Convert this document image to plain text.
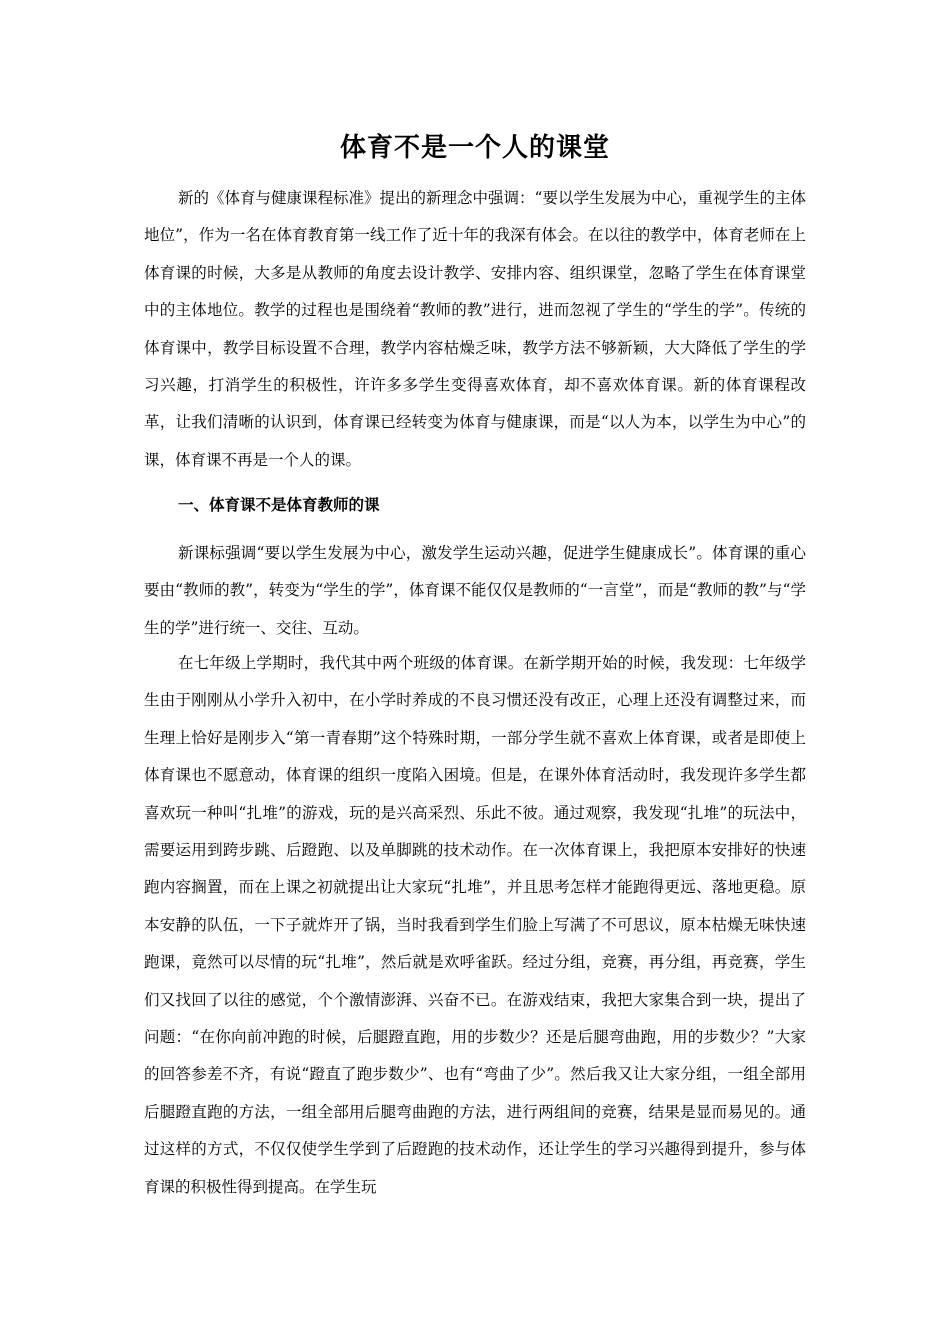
体育不是一个人的课堂

新的《体育与健康课程标准》提出的新理念中强调：“要以学生发展为中心，重视学生的主体地位”，作为一名在体育教育第一线工作了近十年的我深有体会。在以往的教学中，体育老师在上体育课的时候，大多是从教师的角度去设计教学、安排内容、组织课堂，忽略了学生在体育课堂中的主体地位。教学的过程也是围绕着“教师的教”进行，进而忽视了学生的“学生的学”。传统的体育课中，教学目标设置不合理，教学内容枯燥乏味，教学方法不够新颖，大大降低了学生的学习兴趣，打消学生的积极性，许许多多学生变得喜欢体育，却不喜欢体育课。新的体育课程改革，让我们清晰的认识到，体育课已经转变为体育与健康课，而是“以人为本，以学生为中心”的课，体育课不再是一个人的课。

一、体育课不是体育教师的课

新课标强调“要以学生发展为中心，激发学生运动兴趣，促进学生健康成长”。体育课的重心要由“教师的教”，转变为“学生的学”，体育课不能仅仅是教师的“一言堂”，而是“教师的教”与“学生的学”进行统一、交往、互动。

在七年级上学期时，我代其中两个班级的体育课。在新学期开始的时候，我发现：七年级学生由于刚刚从小学升入初中，在小学时养成的不良习惯还没有改正，心理上还没有调整过来，而生理上恰好是刚步入“第一青春期”这个特殊时期，一部分学生就不喜欢上体育课，或者是即使上体育课也不愿意动，体育课的组织一度陷入困境。但是，在课外体育活动时，我发现许多学生都喜欢玩一种叫“扎堆”的游戏，玩的是兴高采烈、乐此不彼。通过观察，我发现“扎堆”的玩法中，需要运用到跨步跳、后蹬跑、以及单脚跳的技术动作。在一次体育课上，我把原本安排好的快速跑内容搁置，而在上课之初就提出让大家玩“扎堆”，并且思考怎样才能跑得更远、落地更稳。原本安静的队伍，一下子就炸开了锅，当时我看到学生们脸上写满了不可思议，原本枯燥无味快速跑课，竟然可以尽情的玩“扎堆”，然后就是欢呼雀跃。经过分组，竞赛，再分组，再竞赛，学生们又找回了以往的感觉，个个激情澎湃、兴奋不已。在游戏结束，我把大家集合到一块，提出了问题：“在你向前冲跑的时候，后腿蹬直跑，用的步数少？还是后腿弯曲跑，用的步数少？”大家的回答参差不齐，有说“蹬直了跑步数少”、也有“弯曲了少”。然后我又让大家分组，一组全部用后腿蹬直跑的方法，一组全部用后腿弯曲跑的方法，进行两组间的竞赛，结果是显而易见的。通过这样的方式，不仅仅使学生学到了后蹬跑的技术动作，还让学生的学习兴趣得到提升，参与体育课的积极性得到提高。在学生玩
